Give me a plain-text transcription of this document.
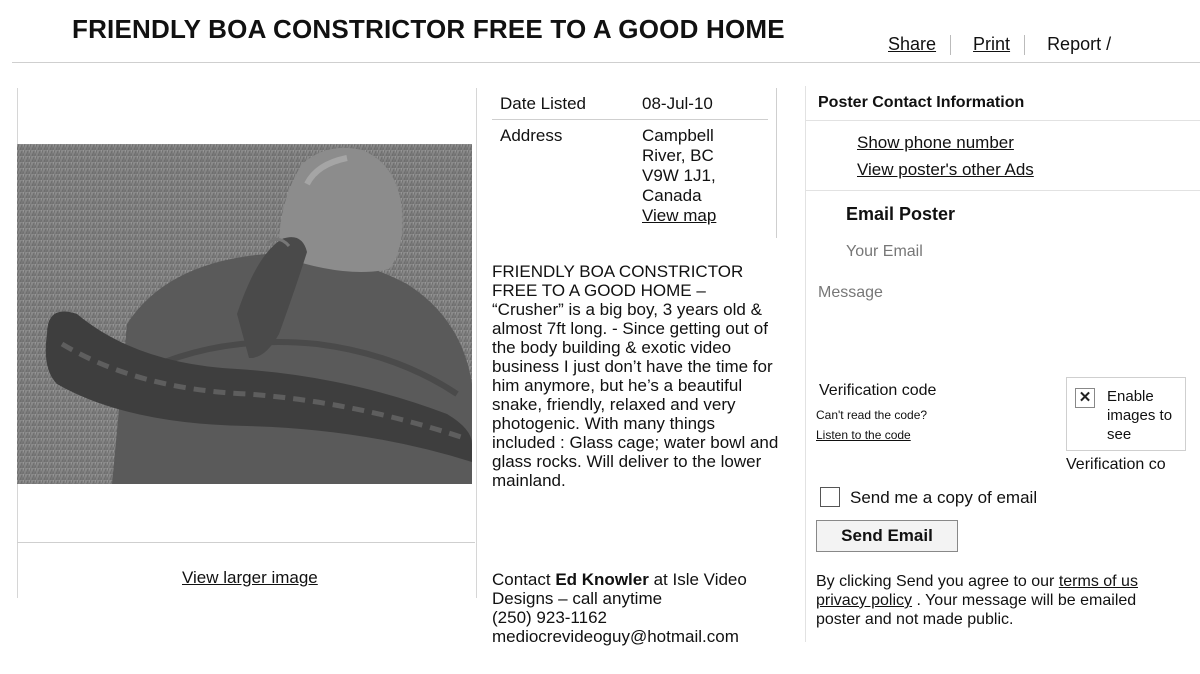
FRIENDLY BOA CONSTRICTOR FREE TO A GOOD HOME	Share Print Report /
View larger image
Date Listed	08-Jul-10
Address	Campbell
River, BC
V9W 1J1,
Canada
View map
FRIENDLY BOA CONSTRICTOR FREE TO A GOOD HOME – “Crusher” is a big boy, 3 years old & almost 7ft long. - Since getting out of the body building & exotic video business I just don’t have the time for him anymore, but he’s a beautiful snake, friendly, relaxed and very photogenic. With many things included : Glass cage; water bowl and glass rocks. Will deliver to the lower mainland.
Contact Ed Knowler at Isle Video Designs – call anytime
(250) 923-1162
mediocrevideoguy@hotmail.com
Poster Contact Information
Show phone number
View poster's other Ads
Email Poster
Your Email
Message
Verification code
Can't read the code?
Listen to the code
✕ Enable images to see
Verification co
Send me a copy of email
Send Email
By clicking Send you agree to our terms of us
privacy policy . Your message will be emailed
poster and not made public.
